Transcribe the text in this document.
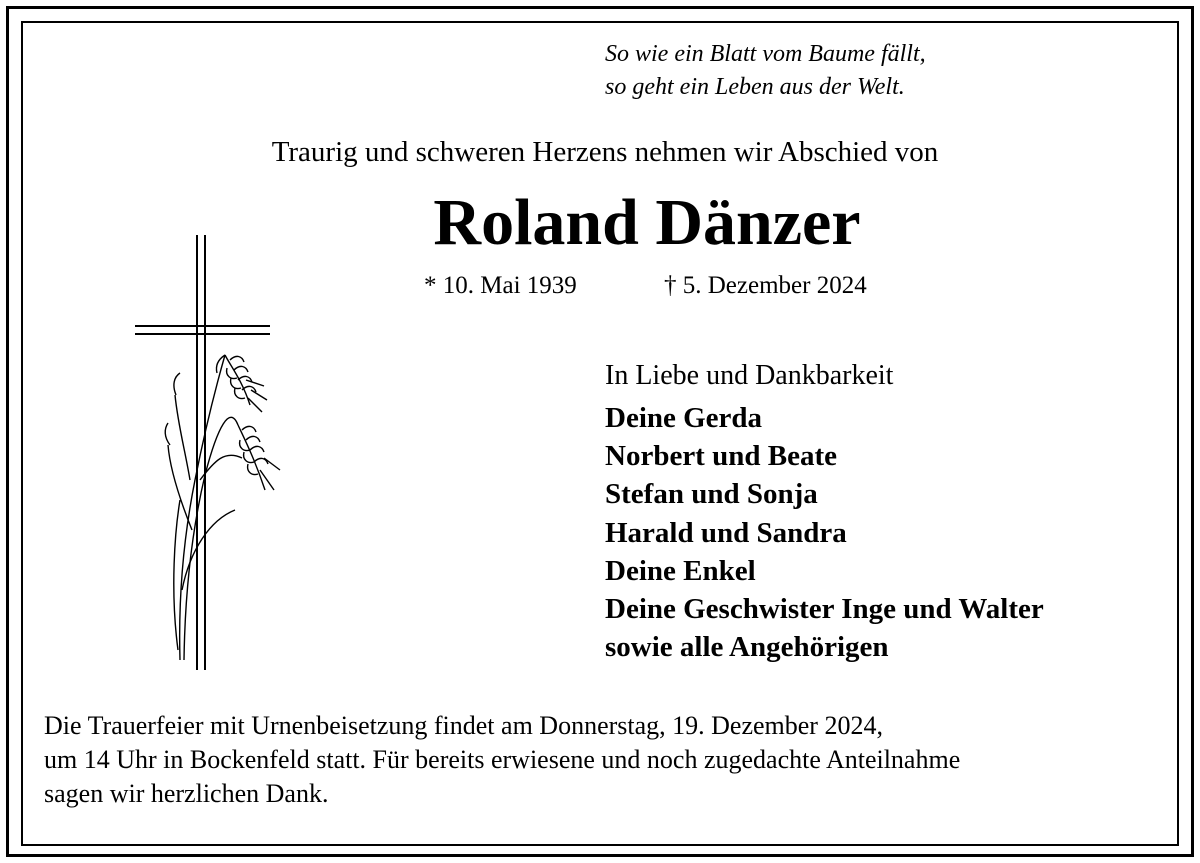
So wie ein Blatt vom Baume fällt,
so geht ein Leben aus der Welt.
Traurig und schweren Herzens nehmen wir Abschied von
Roland Dänzer
* 10. Mai 1939	† 5. Dezember 2024
In Liebe und Dankbarkeit
Deine Gerda
Norbert und Beate
Stefan und Sonja
Harald und Sandra
Deine Enkel
Deine Geschwister Inge und Walter
sowie alle Angehörigen
Die Trauerfeier mit Urnenbeisetzung findet am Donnerstag, 19. Dezember 2024,
um 14 Uhr in Bockenfeld statt. Für bereits erwiesene und noch zugedachte Anteilnahme
sagen wir herzlichen Dank.
